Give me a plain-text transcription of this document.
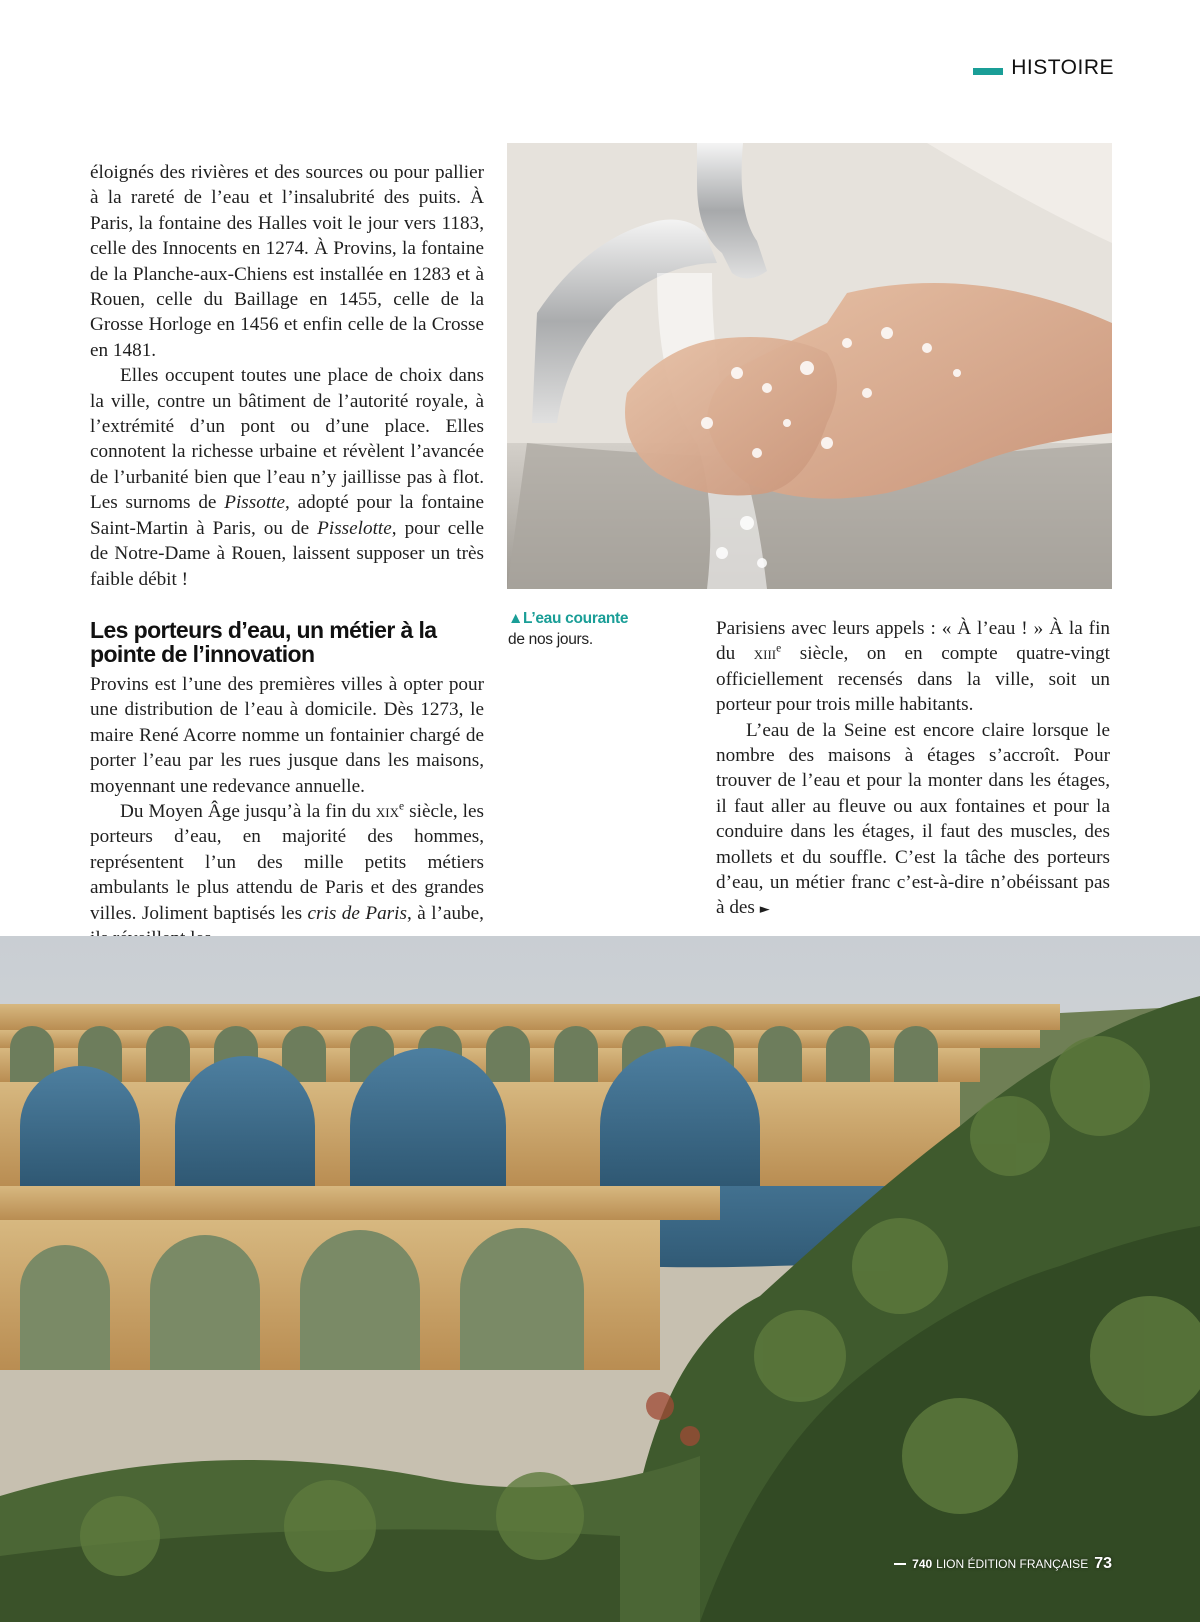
HISTOIRE

éloignés des rivières et des sources ou pour pallier à la rareté de l’eau et l’insalubrité des puits. À Paris, la fontaine des Halles voit le jour vers 1183, celle des Innocents en 1274. À Provins, la fontaine de la Planche-aux-Chiens est installée en 1283 et à Rouen, celle du Baillage en 1455, celle de la Grosse Horloge en 1456 et enfin celle de la Crosse en 1481.

Elles occupent toutes une place de choix dans la ville, contre un bâtiment de l’autorité royale, à l’extrémité d’un pont ou d’une place. Elles connotent la richesse urbaine et révèlent l’avancée de l’urbanité bien que l’eau n’y jaillisse pas à flot. Les surnoms de Pissotte, adopté pour la fontaine Saint-Martin à Paris, ou de Pisselotte, pour celle de Notre-Dame à Rouen, laissent supposer un très faible débit !

Les porteurs d’eau, un métier à la pointe de l’innovation

Provins est l’une des premières villes à opter pour une distribution de l’eau à domicile. Dès 1273, le maire René Acorre nomme un fontainier chargé de porter l’eau par les rues jusque dans les maisons, moyennant une redevance annuelle.

Du Moyen Âge jusqu’à la fin du xix$^e$ siècle, les porteurs d’eau, en majorité des hommes, représentent l’un des mille petits métiers ambulants le plus attendu de Paris et des grandes villes. Joliment baptisés les cris de Paris, à l’aube,

▲L’eau courante
de nos jours.

Parisiens avec leurs appels : « À l’eau ! » À la fin du xiii$^e$ siècle, on en compte quatre-vingt officiellement recensés dans la ville, soit un porteur pour trois mille habitants.

L’eau de la Seine est encore claire lorsque le nombre des maisons à étages s’accroît. Pour trouver de l’eau et pour la monter dans les étages, il faut aller au fleuve ou aux fontaines et pour la conduire dans les étages, il faut des muscles, des mollets et du souffle. C’est la tâche des porteurs d’eau, un métier franc c’est-à-dire n’obéissant pas à des ►

740 LION ÉDITION FRANÇAISE 73
